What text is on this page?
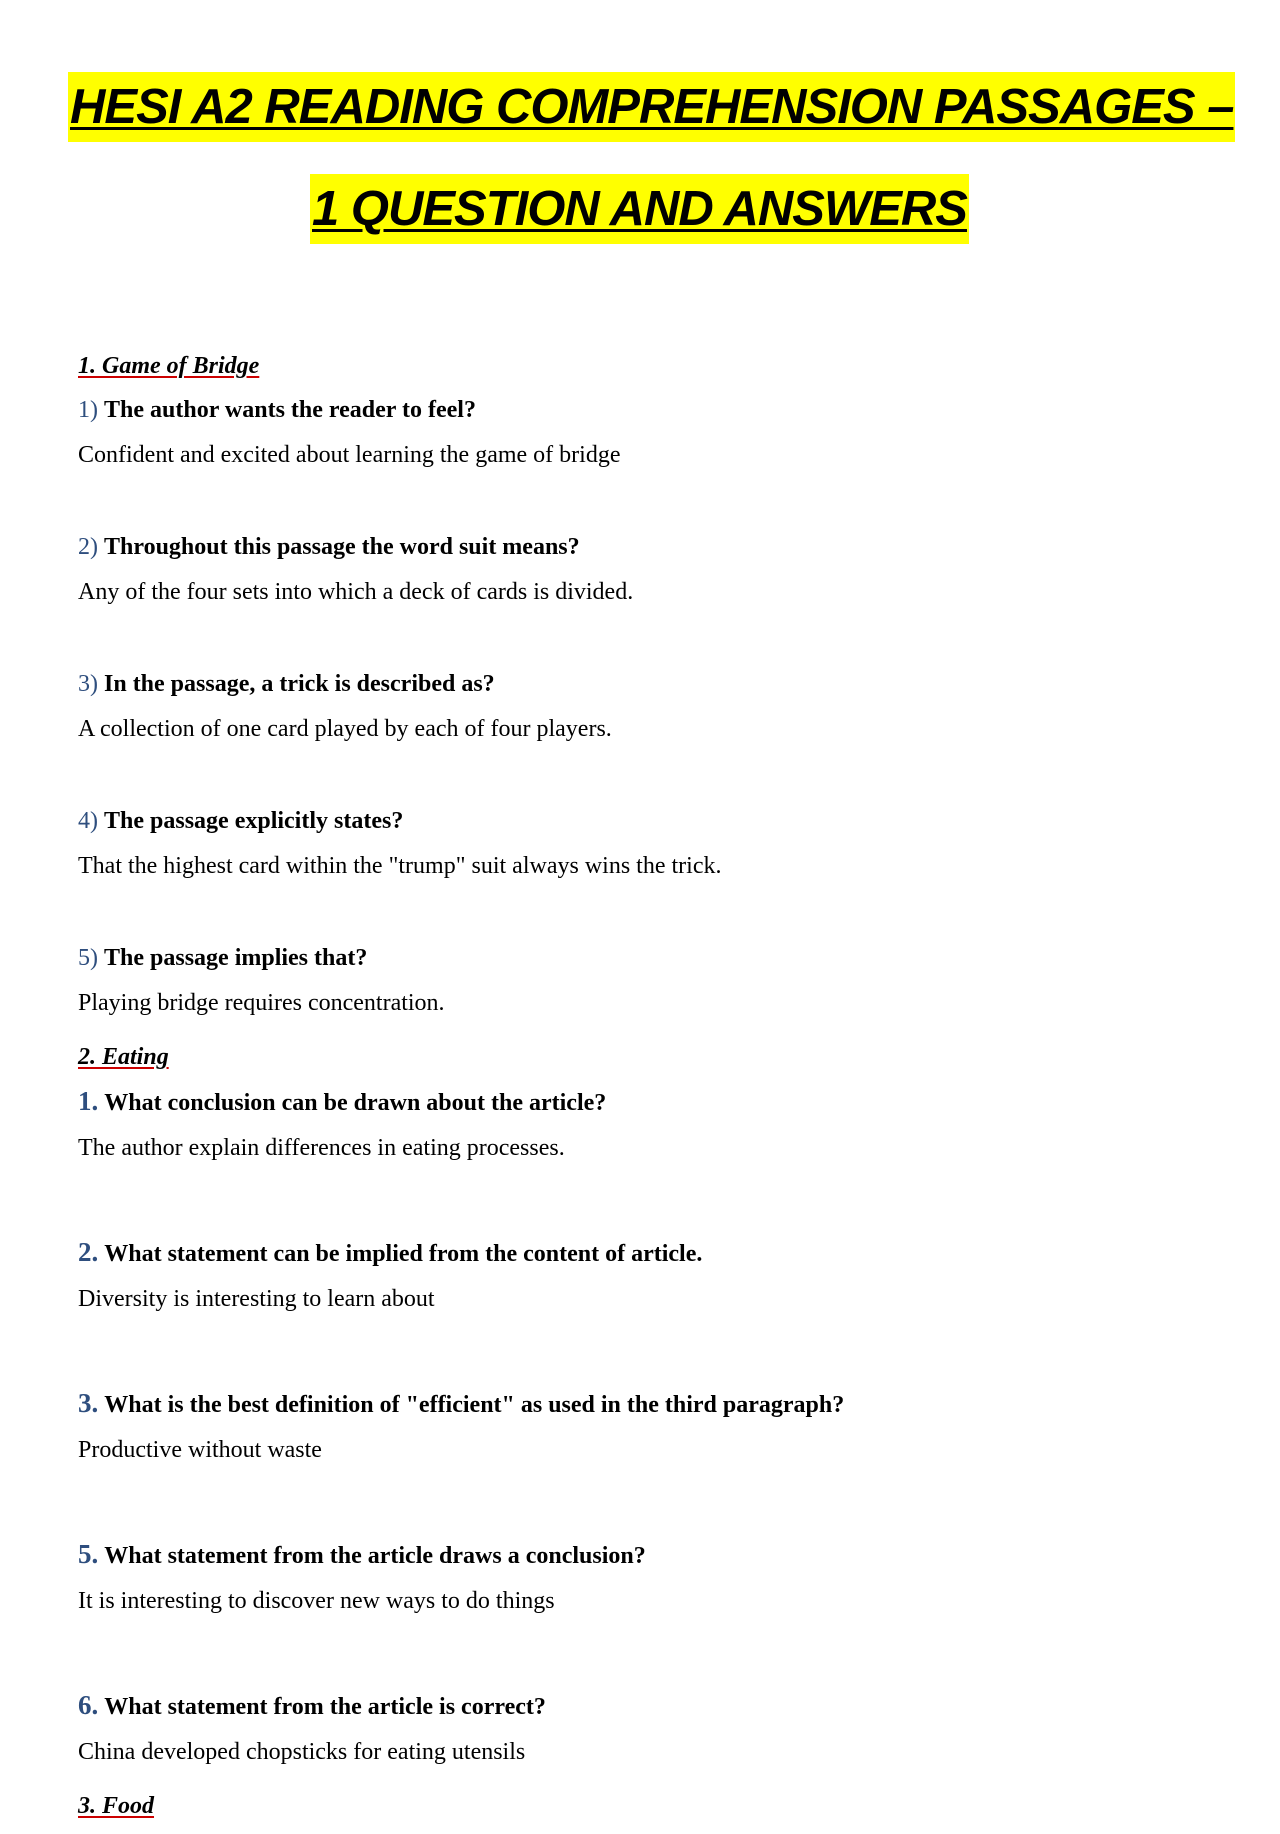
HESI A2 READING COMPREHENSION PASSAGES –
1 QUESTION AND ANSWERS
1. Game of Bridge
1) The author wants the reader to feel?
Confident and excited about learning the game of bridge
2) Throughout this passage the word suit means?
Any of the four sets into which a deck of cards is divided.
3) In the passage, a trick is described as?
A collection of one card played by each of four players.
4) The passage explicitly states?
That the highest card within the "trump" suit always wins the trick.
5) The passage implies that?
Playing bridge requires concentration.
2. Eating
1. What conclusion can be drawn about the article?
The author explain differences in eating processes.
2. What statement can be implied from the content of article.
Diversity is interesting to learn about
3. What is the best definition of "efficient" as used in the third paragraph?
Productive without waste
5. What statement from the article draws a conclusion?
It is interesting to discover new ways to do things
6. What statement from the article is correct?
China developed chopsticks for eating utensils
3. Food
